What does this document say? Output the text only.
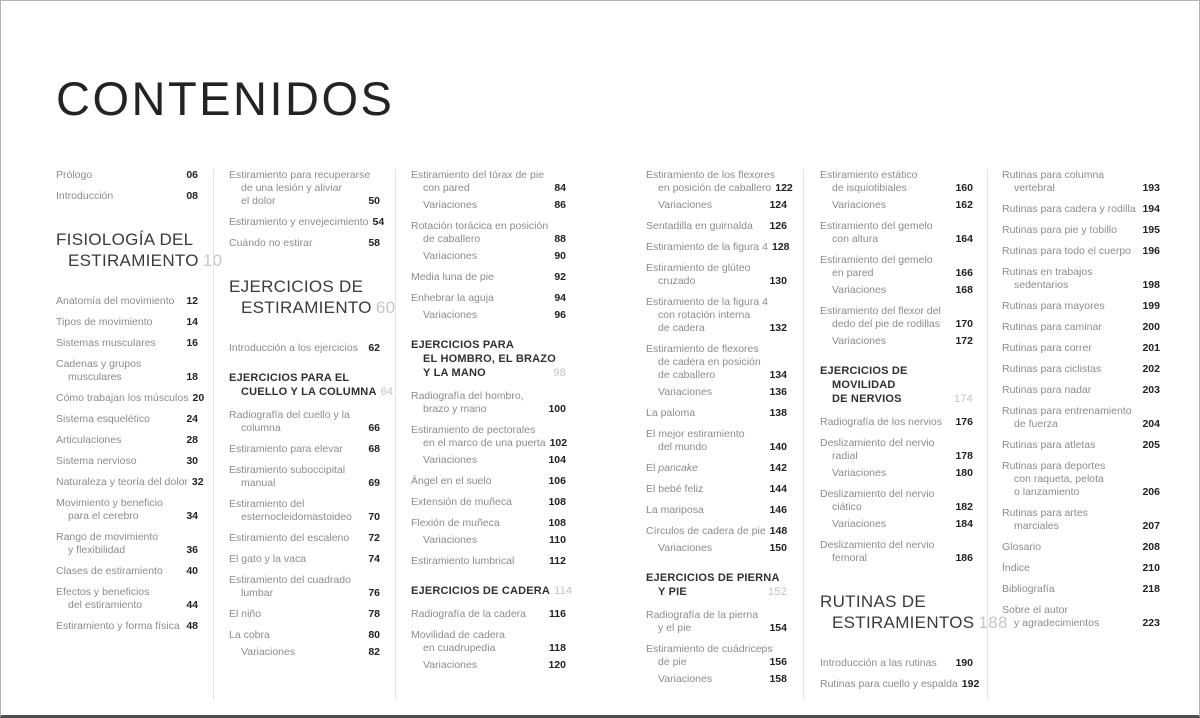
CONTENIDOS
Prólogo	06
Introducción	08
FISIOLOGÍA DEL
ESTIRAMIENTO 10
Anatomía del movimiento 12
Tipos de movimiento	14
Sistemas musculares	16
Cadenas y grupos
musculares	18
Cómo trabajan los músculos 20
Sistema esquelético	24
Articulaciones	28
Sistema nervioso	30
Naturaleza y teoría del dolor 32
Movimiento y beneficio
para el cerebro	34
Rango de movimiento
y flexibilidad	36
Clases de estiramiento 40
Efectos y beneficios
del estiramiento	44
Estiramiento y forma física 48
Estiramiento para recuperarse
de una lesión y aliviar
el dolor	50
Estiramiento y envejecimiento 54
Cuándo no estirar	58
EJERCICIOS DE
ESTIRAMIENTO 60
Introducción a los ejercicios 62
EJERCICIOS PARA EL
CUELLO Y LA COLUMNA 64
Radiografía del cuello y la
columna	66
Estiramiento para elevar 68
Estiramiento suboccipital
manual	69
Estiramiento del
esternocleidomastoideo 70
Estiramiento del escaleno 72
El gato y la vaca	74
Estiramiento del cuadrado
lumbar	76
El niño	78
La cobra	80
Variaciones	82
Estiramiento del tórax de pie
con pared	84
Variaciones	86
Rotación torácica en posición
de caballero	88
Variaciones	90
Media luna de pie	92
Enhebrar la aguja	94
Variaciones	96
EJERCICIOS PARA
EL HOMBRO, EL BRAZO
Y LA MANO	98
Radiografía del hombro,
brazo y mano	100
Estiramiento de pectorales
en el marco de una puerta 102
Variaciones	104
Ángel en el suelo	106
Extensión de muñeca	108
Flexión de muñeca	108
Variaciones	110
Estiramiento lumbrical	112
EJERCICIOS DE CADERA 114
Radiografía de la cadera 116
Movilidad de cadera
en cuadrupedia	118
Variaciones	120
Estiramiento de los flexores
en posición de caballero 122
Variaciones	124
Sentadilla en guirnalda 126
Estiramiento de la figura 4 128
Estiramiento de glúteo
cruzado	130
Estiramiento de la figura 4
con rotación interna
de cadera	132
Estiramiento de flexores
de cadera en posición
de caballero	134
Variaciones	136
La paloma	138
El mejor estiramiento
del mundo	140
El pancake	142
El bebé feliz	144
La mariposa	146
Círculos de cadera de pie 148
Variaciones	150
EJERCICIOS DE PIERNA
Y PIE	152
Radiografía de la pierna
y el pie	154
Estiramiento de cuádriceps
de pie	156
Variaciones	158
Estiramiento estático
de isquiotibiales	160
Variaciones	162
Estiramiento del gemelo
con altura	164
Estiramiento del gemelo
en pared	166
Variaciones	168
Estiramiento del flexor del
dedo del pie de rodillas 170
Variaciones	172
EJERCICIOS DE
MOVILIDAD
DE NERVIOS	174
Radiografía de los nervios 176
Deslizamiento del nervio
radial	178
Variaciones	180
Deslizamiento del nervio
ciático	182
Variaciones	184
Deslizamiento del nervio
femoral	186
RUTINAS DE
ESTIRAMIENTOS 188
Introducción a las rutinas 190
Rutinas para cuello y espalda 192
Rutinas para columna
vertebral	193
Rutinas para cadera y rodilla 194
Rutinas para pie y tobillo 195
Rutinas para todo el cuerpo 196
Rutinas en trabajos
sedentarios	198
Rutinas para mayores	199
Rutinas para caminar	200
Rutinas para correr	201
Rutinas para ciclistas	202
Rutinas para nadar	203
Rutinas para entrenamiento
de fuerza	204
Rutinas para atletas	205
Rutinas para deportes
con raqueta, pelota
o lanzamiento	206
Rutinas para artes
marciales	207
Glosario	208
Índice	210
Bibliografía	218
Sobre el autor
y agradecimientos	223
